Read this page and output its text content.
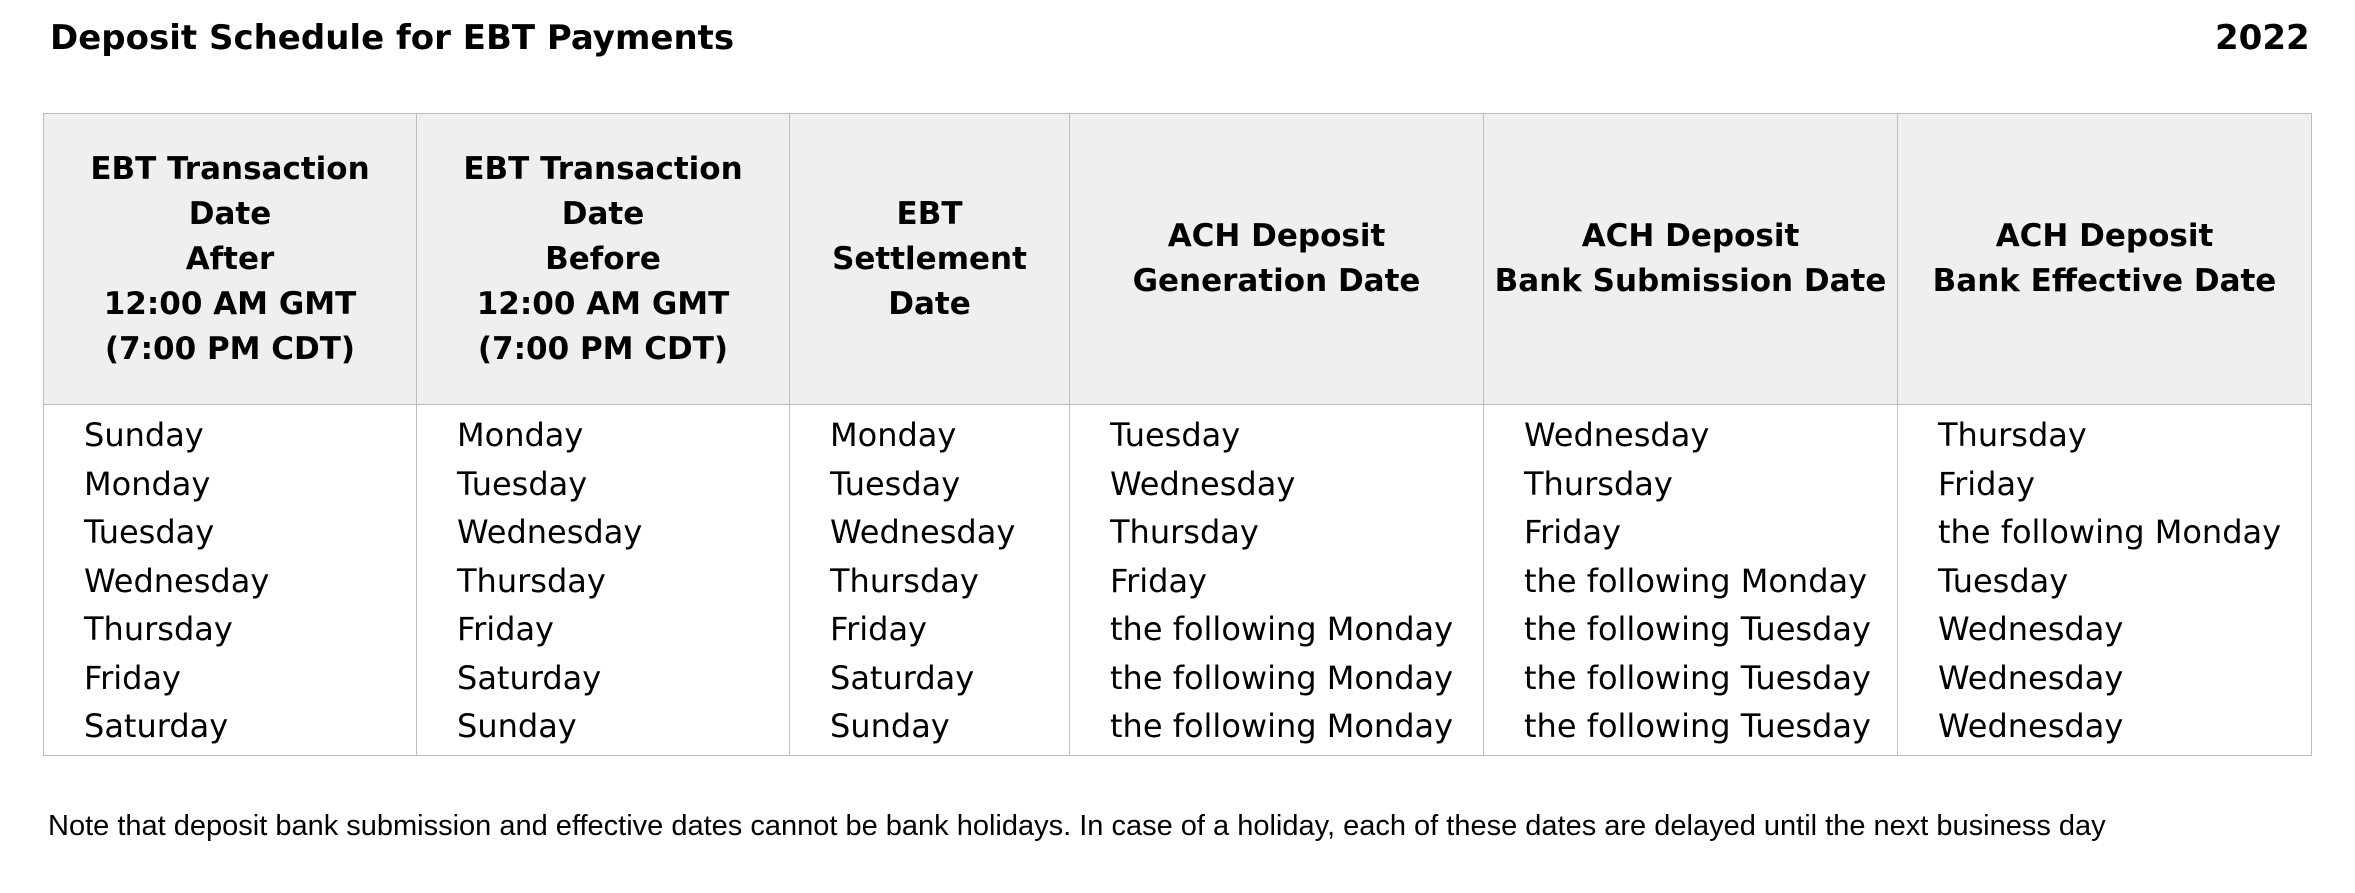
Deposit Schedule for EBT Payments	2022
EBT Transaction Date
After
12:00 AM GMT
(7:00 PM CDT)	EBT Transaction Date
Before
12:00 AM GMT
(7:00 PM CDT)	EBT Settlement
Date	ACH Deposit
Generation Date	ACH Deposit
Bank Submission Date	ACH Deposit
Bank Effective Date

Sunday	Monday	Monday	Tuesday	Wednesday	Thursday
Monday	Tuesday	Tuesday	Wednesday	Thursday	Friday
Tuesday	Wednesday	Wednesday	Thursday	Friday	the following Monday
Wednesday	Thursday	Thursday	Friday	the following Monday	Tuesday
Thursday	Friday	Friday	the following Monday	the following Tuesday	Wednesday
Friday	Saturday	Saturday	the following Monday	the following Tuesday	Wednesday
Saturday	Sunday	Sunday	the following Monday	the following Tuesday	Wednesday
Note that deposit bank submission and effective dates cannot be bank holidays. In case of a holiday, each of these dates are delayed until the next business day
